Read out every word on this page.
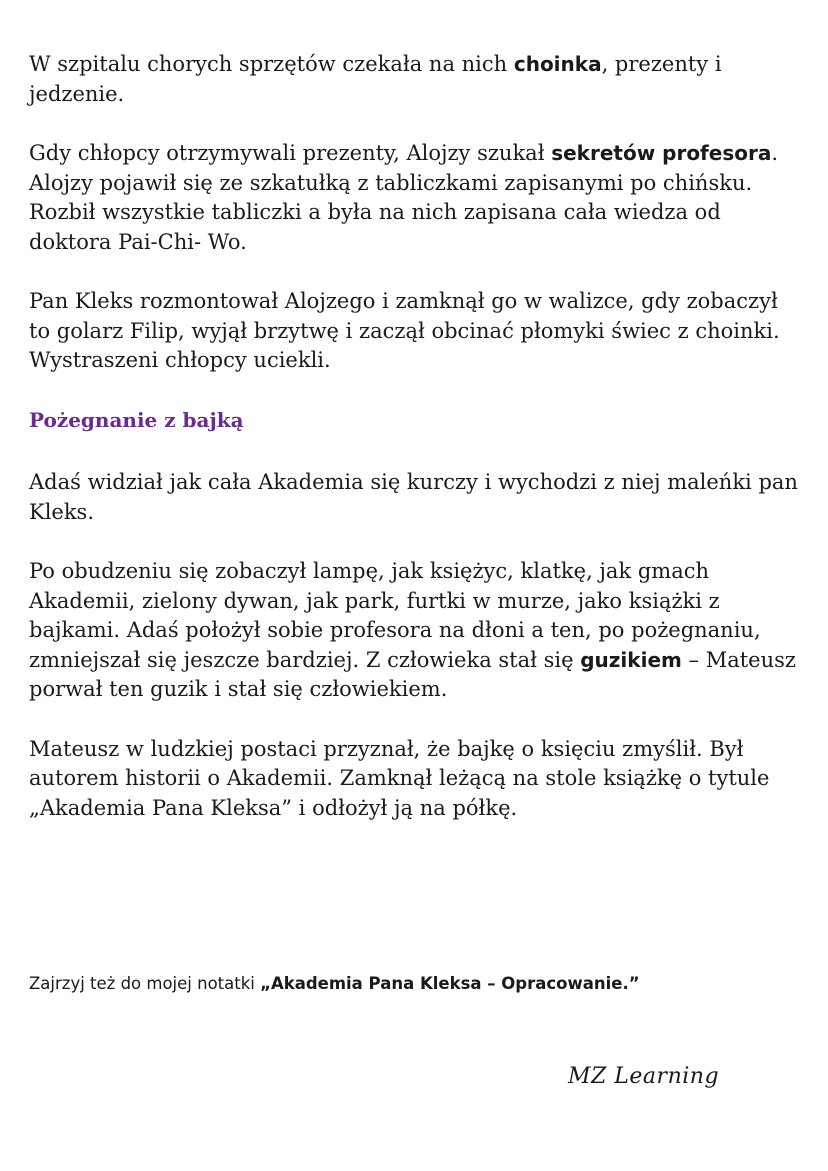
W szpitalu chorych sprzętów czekała na nich choinka, prezenty i jedzenie.

Gdy chłopcy otrzymywali prezenty, Alojzy szukał sekretów profesora. Alojzy pojawił się ze szkatułką z tabliczkami zapisanymi po chińsku. Rozbił wszystkie tabliczki a była na nich zapisana cała wiedza od doktora Pai-Chi- Wo.

Pan Kleks rozmontował Alojzego i zamknął go w walizce, gdy zobaczył to golarz Filip, wyjął brzytwę i zaczął obcinać płomyki świec z choinki. Wystraszeni chłopcy uciekli.

Pożegnanie z bajką

Adaś widział jak cała Akademia się kurczy i wychodzi z niej maleńki pan Kleks.

Po obudzeniu się zobaczył lampę, jak księżyc, klatkę, jak gmach Akademii, zielony dywan, jak park, furtki w murze, jako książki z bajkami. Adaś położył sobie profesora na dłoni a ten, po pożegnaniu, zmniejszał się jeszcze bardziej. Z człowieka stał się guzikiem – Mateusz porwał ten guzik i stał się człowiekiem.

Mateusz w ludzkiej postaci przyznał, że bajkę o księciu zmyślił. Był autorem historii o Akademii. Zamknął leżącą na stole książkę o tytule „Akademia Pana Kleksa” i odłożył ją na półkę.

Zajrzyj też do mojej notatki „Akademia Pana Kleksa – Opracowanie.”
MZ Learning
